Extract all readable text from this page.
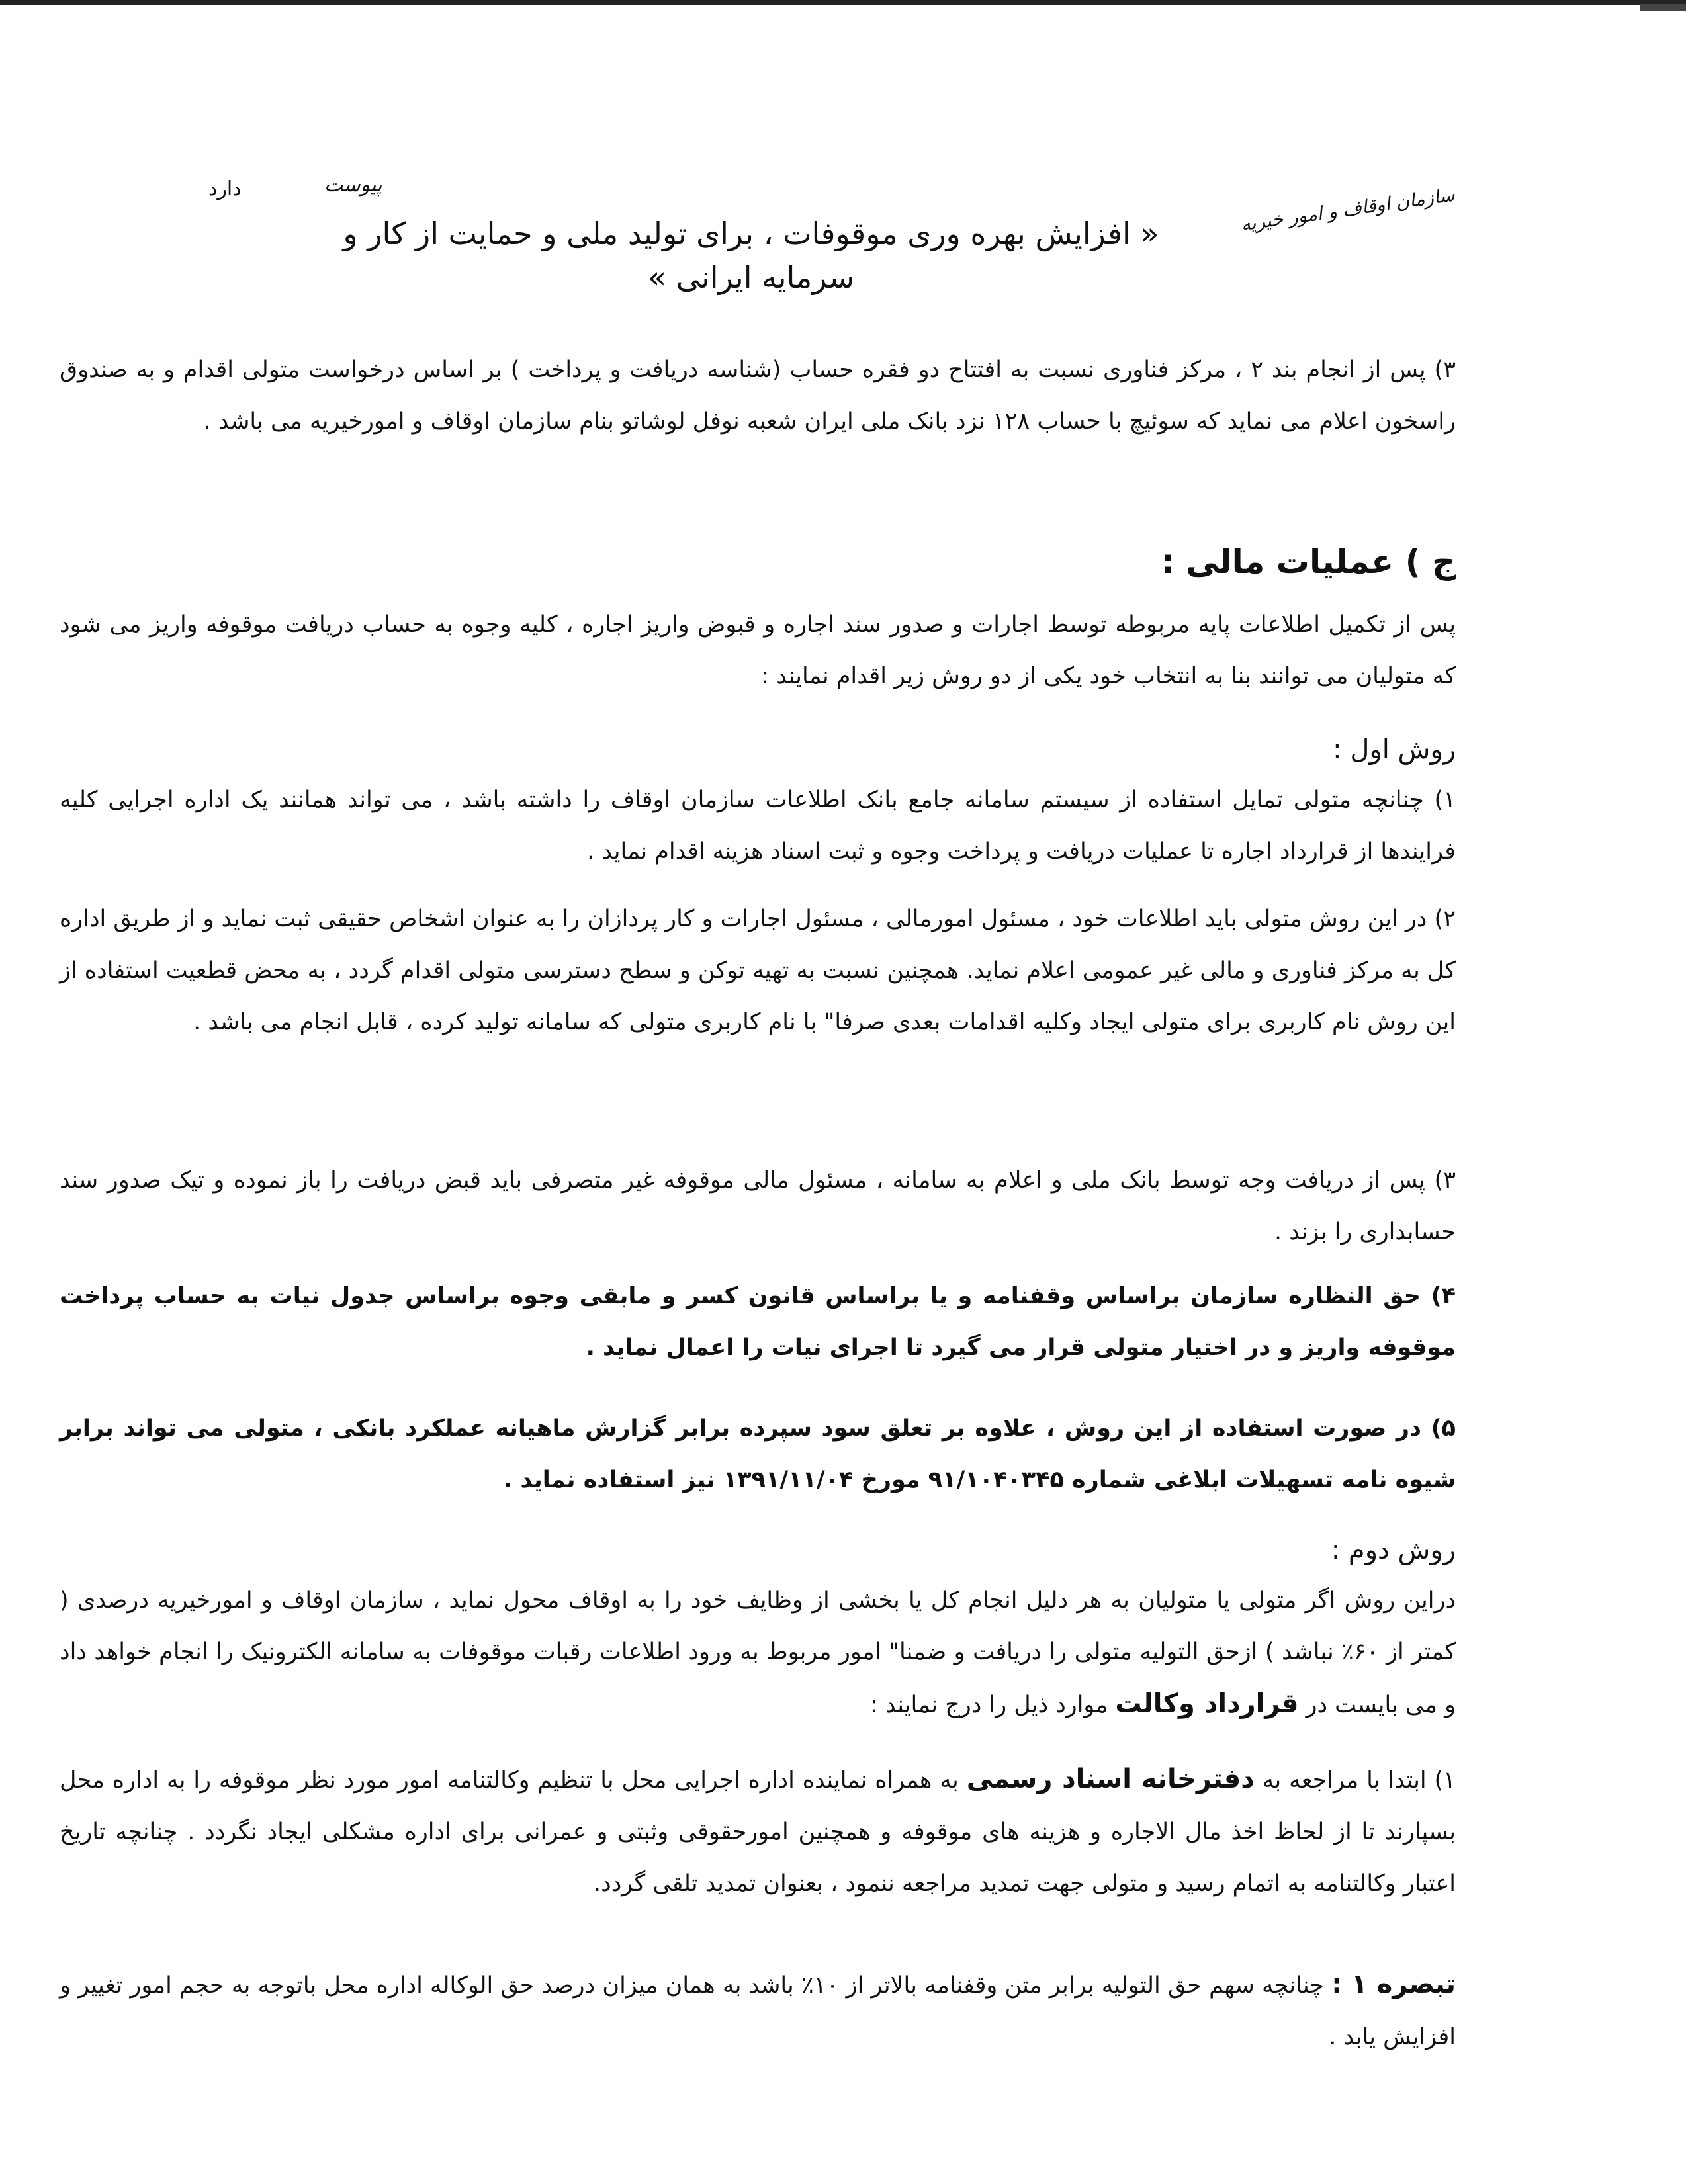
دارد	پیوست	سازمان اوقاف و امور خیریه
« افزایش بهره وری موقوفات ، برای تولید ملی و حمایت از کار و
سرمایه ایرانی »
۳) پس از انجام بند ۲ ، مرکز فناوری نسبت به افتتاح دو فقره حساب (شناسه دریافت و پرداخت ) بر اساس درخواست متولی اقدام و به صندوق راسخون اعلام می نماید که سوئیچ با حساب ۱۲۸ نزد بانک ملی ایران شعبه نوفل لوشاتو بنام سازمان اوقاف و امورخیریه می باشد .
ج ) عملیات مالی :
پس از تکمیل اطلاعات پایه مربوطه توسط اجارات و صدور سند اجاره و قبوض واریز اجاره ، کلیه وجوه به حساب دریافت موقوفه واریز می شود که متولیان می توانند بنا به انتخاب خود یکی از دو روش زیر اقدام نمایند :
روش اول :
۱) چنانچه متولی تمایل استفاده از سیستم سامانه جامع بانک اطلاعات سازمان اوقاف را داشته باشد ، می تواند همانند یک اداره اجرایی کلیه فرایندها از قرارداد اجاره تا عملیات دریافت و پرداخت وجوه و ثبت اسناد هزینه اقدام نماید .
۲) در این روش متولی باید اطلاعات خود ، مسئول امورمالی ، مسئول اجارات و کار پردازان را به عنوان اشخاص حقیقی ثبت نماید و از طریق اداره کل به مرکز فناوری و مالی غیر عمومی اعلام نماید. همچنین نسبت به تهیه توکن و سطح دسترسی متولی اقدام گردد ، به محض قطعیت استفاده از این روش نام کاربری برای متولی ایجاد وکلیه اقدامات بعدی صرفا" با نام کاربری متولی که سامانه تولید کرده ، قابل انجام می باشد .
۳) پس از دریافت وجه توسط بانک ملی و اعلام به سامانه ، مسئول مالی موقوفه غیر متصرفی باید قبض دریافت را باز نموده و تیک صدور سند حسابداری را بزند .
۴) حق النظاره سازمان براساس وقفنامه و یا براساس قانون کسر و مابقی وجوه براساس جدول نیات به حساب پرداخت موقوفه واریز و در اختیار متولی قرار می گیرد تا اجرای نیات را اعمال نماید .
۵) در صورت استفاده از این روش ، علاوه بر تعلق سود سپرده برابر گزارش ماهیانه عملکرد بانکی ، متولی می تواند برابر شیوه نامه تسهیلات ابلاغی شماره ۹۱/۱۰۴۰۳۴۵ مورخ ۱۳۹۱/۱۱/۰۴ نیز استفاده نماید .
روش دوم :
دراین روش اگر متولی یا متولیان به هر دلیل انجام کل یا بخشی از وظایف خود را به اوقاف محول نماید ، سازمان اوقاف و امورخیریه درصدی ( کمتر از ۶۰٪ نباشد ) ازحق التولیه متولی را دریافت و ضمنا" امور مربوط به ورود اطلاعات رقبات موقوفات به سامانه الکترونیک را انجام خواهد داد و می بایست در قرارداد وکالت موارد ذیل را درج نمایند :
۱) ابتدا با مراجعه به دفترخانه اسناد رسمی به همراه نماینده اداره اجرایی محل با تنظیم وکالتنامه امور مورد نظر موقوفه را به اداره محل بسپارند تا از لحاظ اخذ مال الاجاره و هزینه های موقوفه و همچنین امورحقوقی وثبتی و عمرانی برای اداره مشکلی ایجاد نگردد . چنانچه تاریخ اعتبار وکالتنامه به اتمام رسید و متولی جهت تمدید مراجعه ننمود ، بعنوان تمدید تلقی گردد.
تبصره ۱ : چنانچه سهم حق التولیه برابر متن وقفنامه بالاتر از ۱۰٪ باشد به همان میزان درصد حق الوکاله اداره محل باتوجه به حجم امور تغییر و افزایش یابد .
